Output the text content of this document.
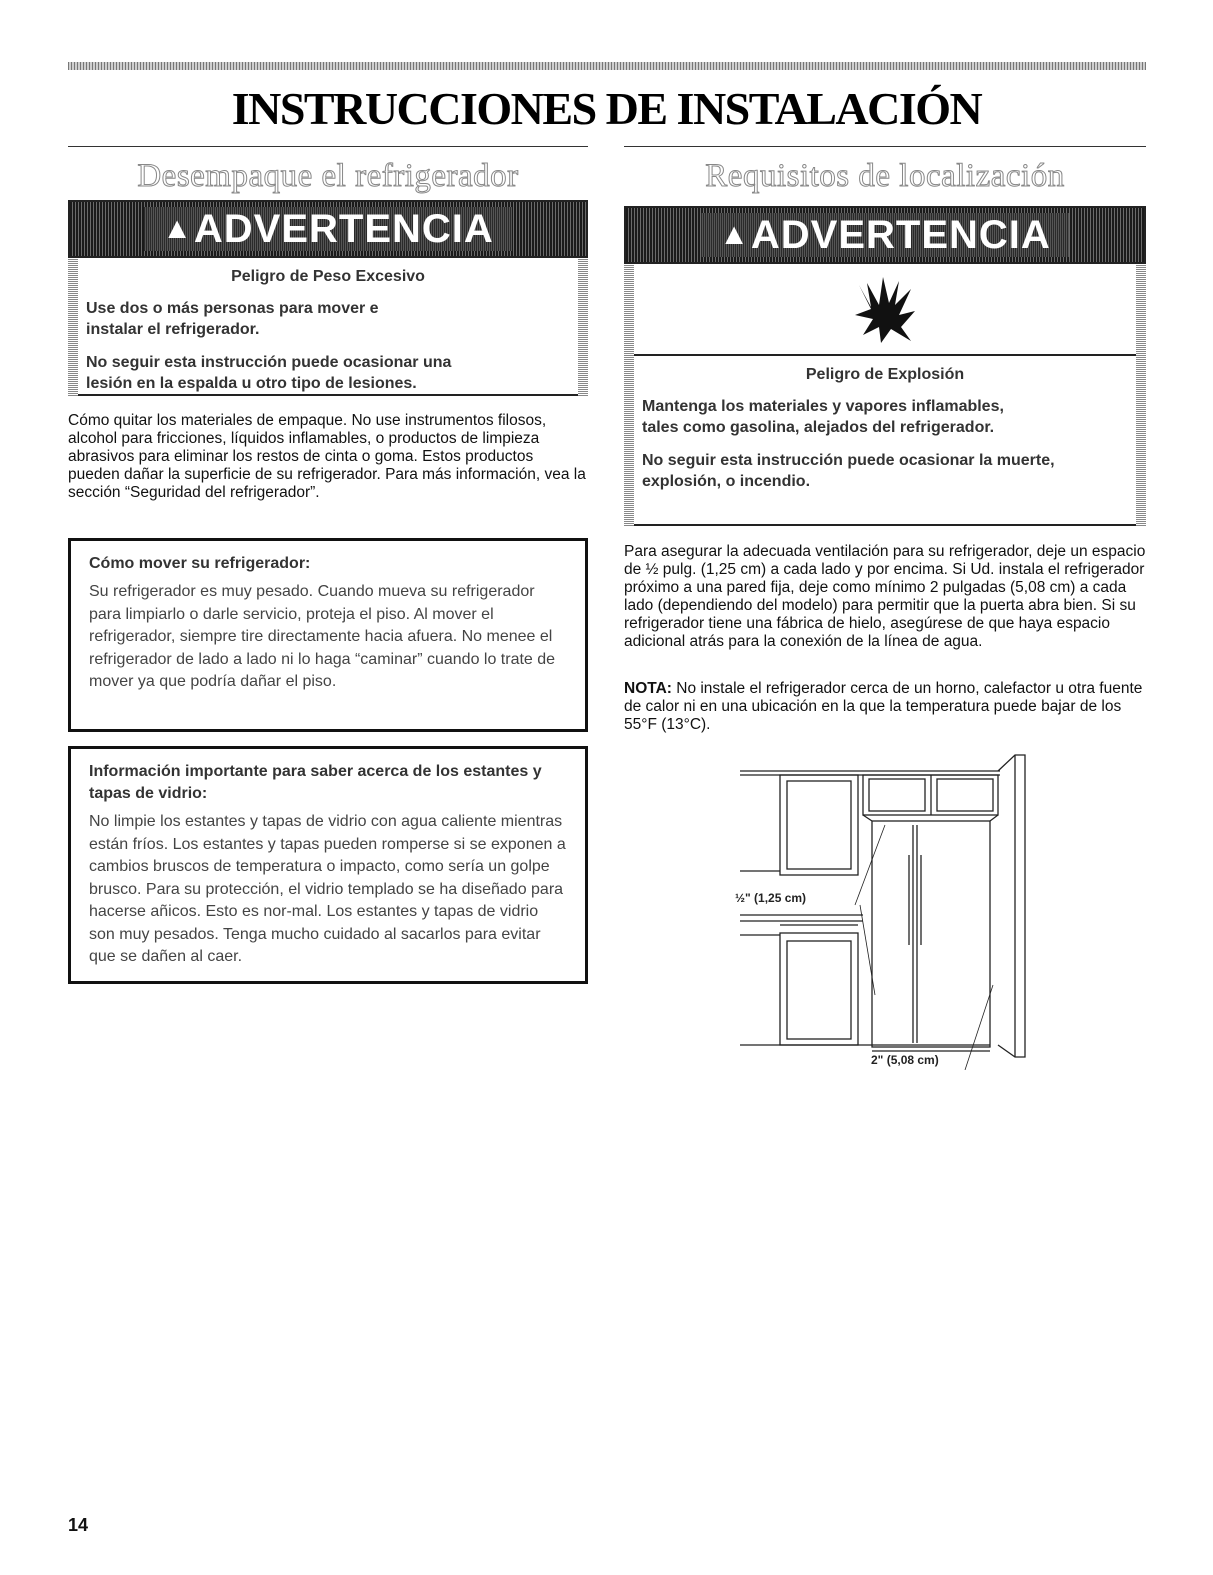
INSTRUCCIONES DE INSTALACIÓN
Desempaque el refrigerador
▲ ADVERTENCIA
Peligro de Peso Excesivo
Use dos o más personas para mover e instalar el refrigerador.
No seguir esta instrucción puede ocasionar una lesión en la espalda u otro tipo de lesiones.
Cómo quitar los materiales de empaque. No use instrumentos filosos, alcohol para fricciones, líquidos inflamables, o productos de limpieza abrasivos para eliminar los restos de cinta o goma. Estos productos pueden dañar la superficie de su refrigerador. Para más información, vea la sección “Seguridad del refrigerador”.
Cómo mover su refrigerador:
Su refrigerador es muy pesado. Cuando mueva su refrigerador para limpiarlo o darle servicio, proteja el piso. Al mover el refrigerador, siempre tire directamente hacia afuera. No menee el refrigerador de lado a lado ni lo haga “caminar” cuando lo trate de mover ya que podría dañar el piso.
Información importante para saber acerca de los estantes y tapas de vidrio:
No limpie los estantes y tapas de vidrio con agua caliente mientras están fríos. Los estantes y tapas pueden romperse si se exponen a cambios bruscos de temperatura o impacto, como sería un golpe brusco. Para su protección, el vidrio templado se ha diseñado para hacerse añicos. Esto es nor-mal. Los estantes y tapas de vidrio son muy pesados. Tenga mucho cuidado al sacarlos para evitar que se dañen al caer.
Requisitos de localización
▲ ADVERTENCIA
Peligro de Explosión
Mantenga los materiales y vapores inflamables, tales como gasolina, alejados del refrigerador.
No seguir esta instrucción puede ocasionar la muerte, explosión, o incendio.
Para asegurar la adecuada ventilación para su refrigerador, deje un espacio de ½ pulg. (1,25 cm) a cada lado y por encima. Si Ud. instala el refrigerador próximo a una pared fija, deje como mínimo 2 pulgadas (5,08 cm) a cada lado (dependiendo del modelo) para permitir que la puerta abra bien. Si su refrigerador tiene una fábrica de hielo, asegúrese de que haya espacio adicional atrás para la conexión de la línea de agua.
NOTA: No instale el refrigerador cerca de un horno, calefactor u otra fuente de calor ni en una ubicación en la que la temperatura puede bajar de los 55°F (13°C).
½" (1,25 cm)
2" (5,08 cm)
14
